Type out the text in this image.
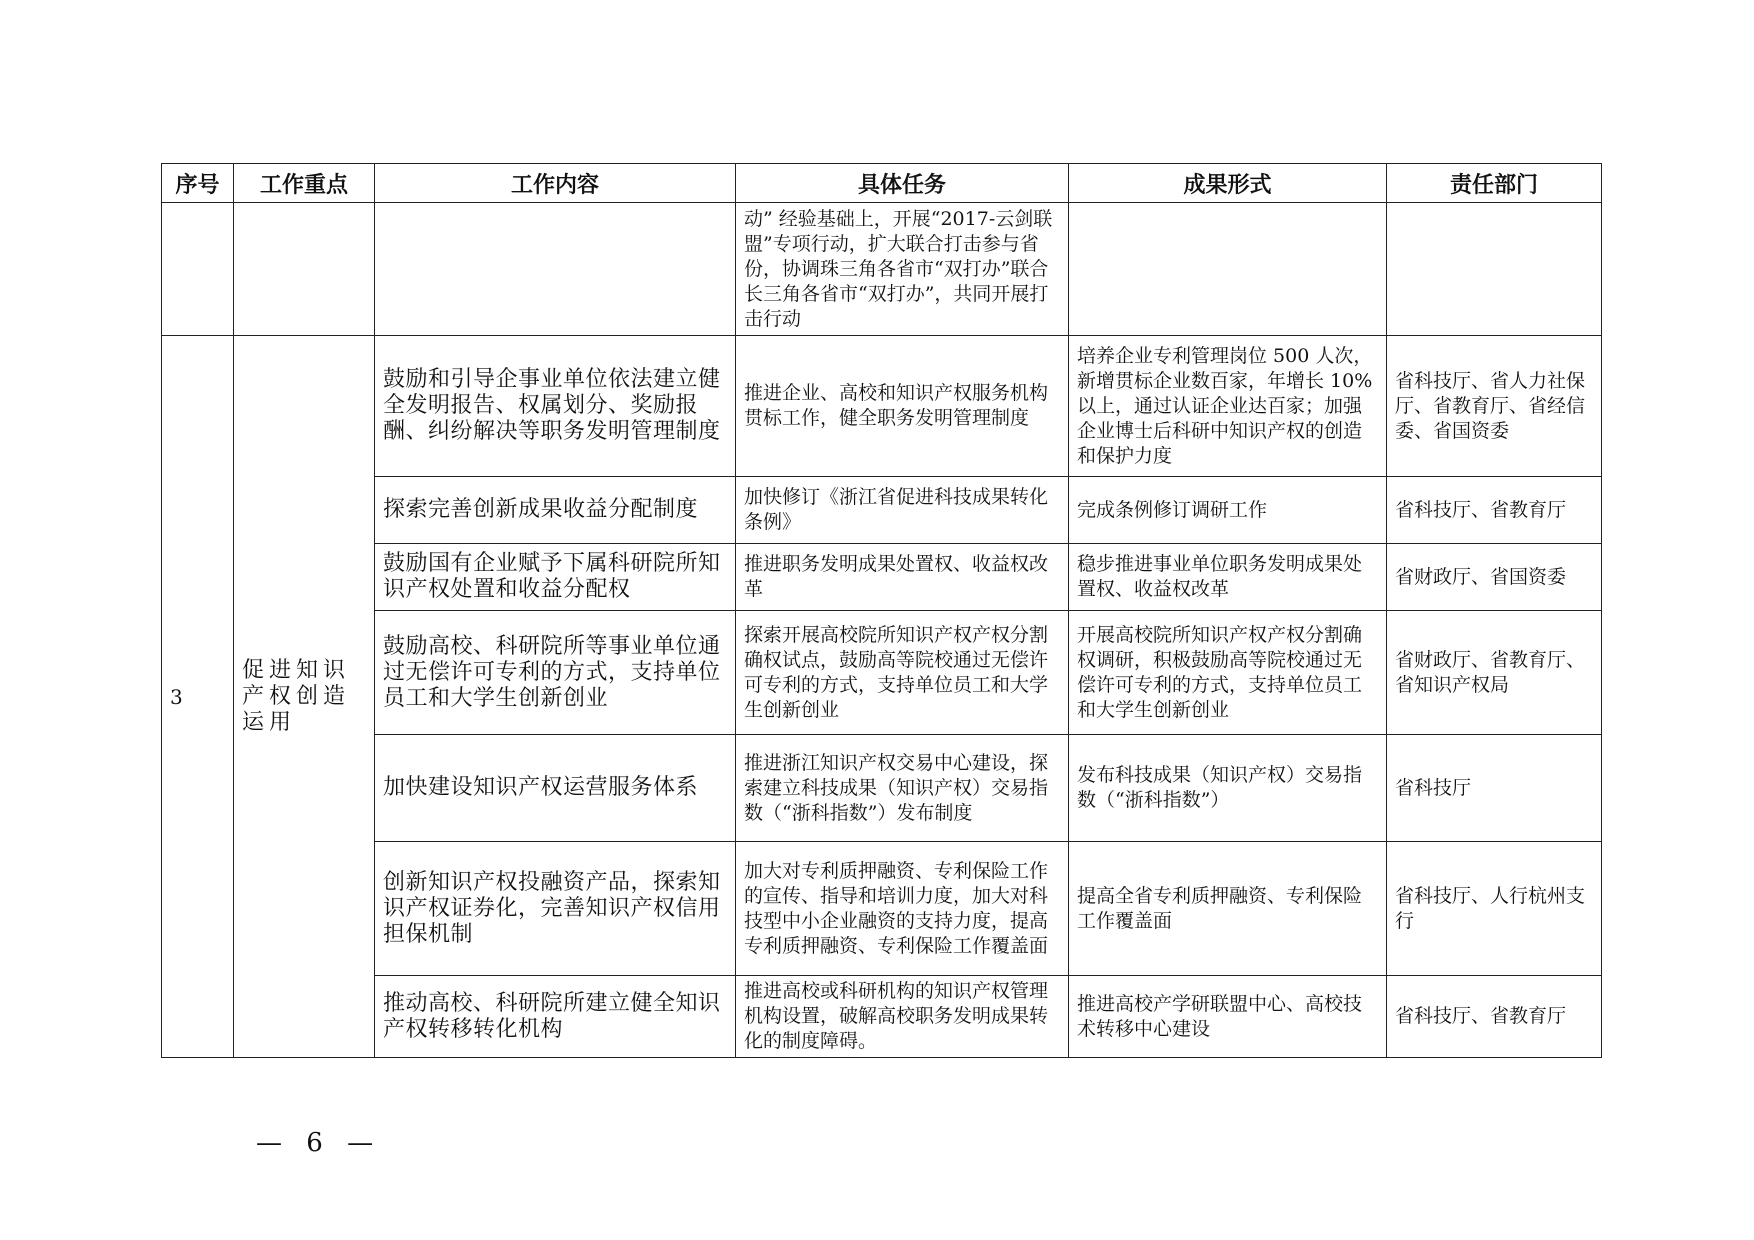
序号	工作重点	工作内容	具体任务	成果形式	责任部门
			动” 经验基础上，开展“2017-云剑联盟”专项行动，扩大联合打击参与省份，协调珠三角各省市“双打办”联合长三角各省市“双打办”，共同开展打击行动		
3	促进知识产权创造运用	鼓励和引导企事业单位依法建立健全发明报告、权属划分、奖励报酬、纠纷解决等职务发明管理制度	推进企业、高校和知识产权服务机构贯标工作，健全职务发明管理制度	培养企业专利管理岗位 500 人次，新增贯标企业数百家，年增长 10%以上，通过认证企业达百家；加强企业博士后科研中知识产权的创造和保护力度	省科技厅、省人力社保厅、省教育厅、省经信委、省国资委
		探索完善创新成果收益分配制度	加快修订《浙江省促进科技成果转化条例》	完成条例修订调研工作	省科技厅、省教育厅
		鼓励国有企业赋予下属科研院所知识产权处置和收益分配权	推进职务发明成果处置权、收益权改革	稳步推进事业单位职务发明成果处置权、收益权改革	省财政厅、省国资委
		鼓励高校、科研院所等事业单位通过无偿许可专利的方式，支持单位员工和大学生创新创业	探索开展高校院所知识产权产权分割确权试点，鼓励高等院校通过无偿许可专利的方式，支持单位员工和大学生创新创业	开展高校院所知识产权产权分割确权调研，积极鼓励高等院校通过无偿许可专利的方式，支持单位员工和大学生创新创业	省财政厅、省教育厅、省知识产权局
		加快建设知识产权运营服务体系	推进浙江知识产权交易中心建设，探索建立科技成果（知识产权）交易指数（“浙科指数”）发布制度	发布科技成果（知识产权）交易指数（“浙科指数”）	省科技厅
		创新知识产权投融资产品，探索知识产权证券化，完善知识产权信用担保机制	加大对专利质押融资、专利保险工作的宣传、指导和培训力度，加大对科技型中小企业融资的支持力度，提高专利质押融资、专利保险工作覆盖面	提高全省专利质押融资、专利保险工作覆盖面	省科技厅、人行杭州支行
		推动高校、科研院所建立健全知识产权转移转化机构	推进高校或科研机构的知识产权管理机构设置，破解高校职务发明成果转化的制度障碍。	推进高校产学研联盟中心、高校技术转移中心建设	省科技厅、省教育厅
— 6 —
